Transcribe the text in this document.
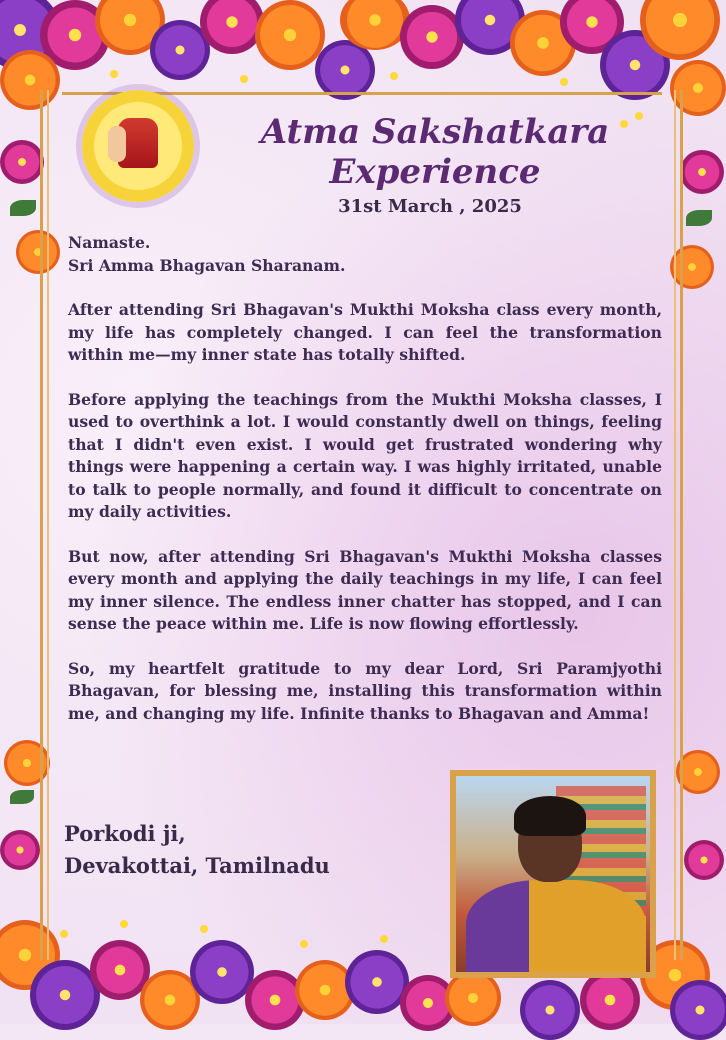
Atma Sakshatkara
Experience
31st March , 2025

Namaste.
Sri Amma Bhagavan Sharanam.

After attending Sri Bhagavan's Mukthi Moksha class every month, my life has completely changed. I can feel the transformation within me—my inner state has totally shifted.

Before applying the teachings from the Mukthi Moksha classes, I used to overthink a lot. I would constantly dwell on things, feeling that I didn't even exist. I would get frustrated wondering why things were happening a certain way. I was highly irritated, unable to talk to people normally, and found it difficult to concentrate on my daily activities.

But now, after attending Sri Bhagavan's Mukthi Moksha classes every month and applying the daily teachings in my life, I can feel my inner silence. The endless inner chatter has stopped, and I can sense the peace within me. Life is now flowing effortlessly.

So, my heartfelt gratitude to my dear Lord, Sri Paramjyothi Bhagavan, for blessing me, installing this transformation within me, and changing my life. Infinite thanks to Bhagavan and Amma!

Porkodi ji,
Devakottai, Tamilnadu
